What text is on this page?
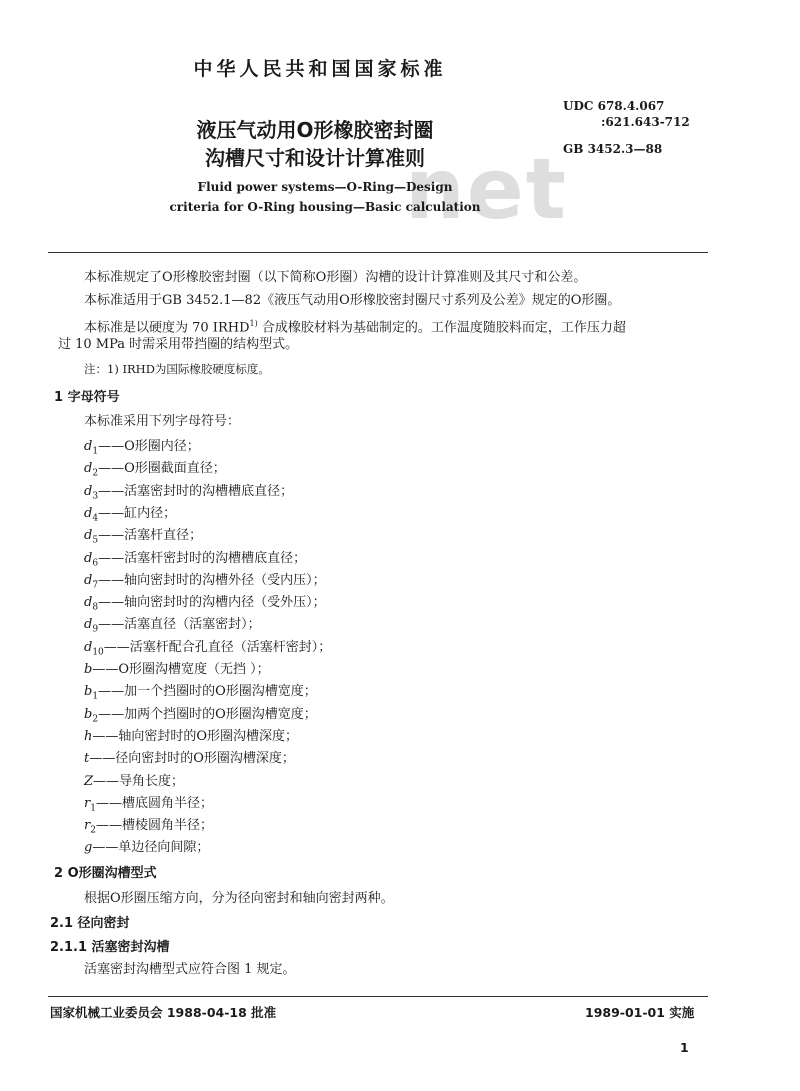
net
中华人民共和国国家标准
液压气动用O形橡胶密封圈
沟槽尺寸和设计计算准则
Fluid power systems—O-Ring—Design
criteria for O-Ring housing—Basic calculation
UDC 678.4.067
:621.643-712
GB 3452.3—88
本标准规定了O形橡胶密封圈（以下简称O形圈）沟槽的设计计算准则及其尺寸和公差。
本标准适用于GB 3452.1—82《液压气动用O形橡胶密封圈尺寸系列及公差》规定的O形圈。
本标准是以硬度为 70 IRHD$^{1)}$ 合成橡胶材料为基础制定的。工作温度随胶料而定，工作压力超
过 10 MPa 时需采用带挡圈的结构型式。
注：1) IRHD为国际橡胶硬度标度。
1 字母符号
本标准采用下列字母符号：
$d_1——O$形圈内径；
$d_2——O$形圈截面直径；
$d_3——$活塞密封时的沟槽槽底直径；
$d_4——$缸内径；
$d_5——$活塞杆直径；
$d_6——$活塞杆密封时的沟槽槽底直径；
$d_7——$轴向密封时的沟槽外径（受内压）；
$d_8——$轴向密封时的沟槽内径（受外压）；
$d_9——$活塞直径（活塞密封）；
$d_{10}——$活塞杆配合孔直径（活塞杆密封）；
b——O形圈沟槽宽度（无挡 ）；
$b_1——$加一个挡圈时的O形圈沟槽宽度；
$b_2——$加两个挡圈时的O形圈沟槽宽度；
h——轴向密封时的O形圈沟槽深度；
t——径向密封时的O形圈沟槽深度；
Z——导角长度；
$r_1——$槽底圆角半径；
$r_2——$槽棱圆角半径；
g——单边径向间隙；
2 O形圈沟槽型式
根据O形圈压缩方向，分为径向密封和轴向密封两种。
2.1 径向密封
2.1.1 活塞密封沟槽
活塞密封沟槽型式应符合图 1 规定。
国家机械工业委员会 1988-04-18 批准	1989-01-01 实施
1
